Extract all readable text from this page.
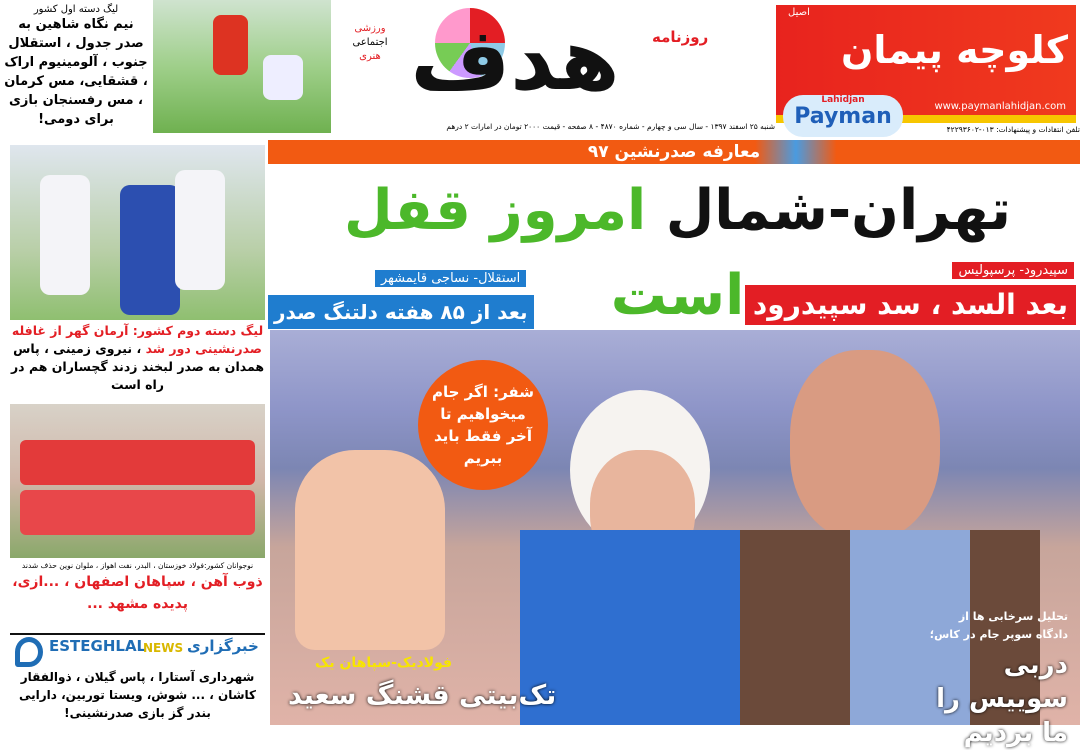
لیگ دسته اول کشور
نیم نگاه شاهین به صدر جدول ، استقلال جنوب ، آلومینیوم اراک ، قشقایی، مس کرمان ، مس رفسنجان بازی برای دومی!
هدف	روزنامه
ورزشی
اجتماعی
هنری
شنبه ۲۵ اسفند ۱۳۹۷ - سال سی و چهارم - شماره ۴۸۷۰ - ۸ صفحه - قیمت ۲۰۰۰ تومان در امارات ۲ درهم
اصیل
کلوچه پیمان
www.paymanlahidjan.com
Lahidjan
Payman
تلفن انتقادات و پیشنهادات: ۰۱۳-۴۲۲۹۳۶۰۲
معارفه صدرنشین ۹۷
تهران-شمال امروز قفل است	سپیدرود- پرسپولیس
بعد السد ، سد سپیدرود
استقلال- نساجی قایمشهر
بعد از ۸۵ هفته دلتنگ صدر
شفر: اگر جام میخواهیم تا آخر فقط باید ببریم
فولادیک-سپاهان یک
تک‌بیتی قشنگ سعید
تحلیل سرخابی ها از دادگاه سوپر جام در کاس؛
دربی سوییس را ما بردیم
لیگ دسته دوم کشور: آرمان گهر از غافله
صدرنشینی دور شد ، نیروی زمینی ، پاس همدان به صدر لبخند زدند گچساران هم در راه است
نوجوانان کشور:فولاد خوزستان ، البدر، نفت اهواز ، ملوان نوین حذف شدند
ذوب آهن ، سپاهان اصفهان ، ...ازی، پدیده مشهد ...
ESTEGHLAL
NEWS خبرگزاری
شهرداری آستارا ، پاس گیلان ، ذوالفقار کاشان ، ... شوش، ویستا توربین، دارایی بندر گز بازی صدرنشینی!
